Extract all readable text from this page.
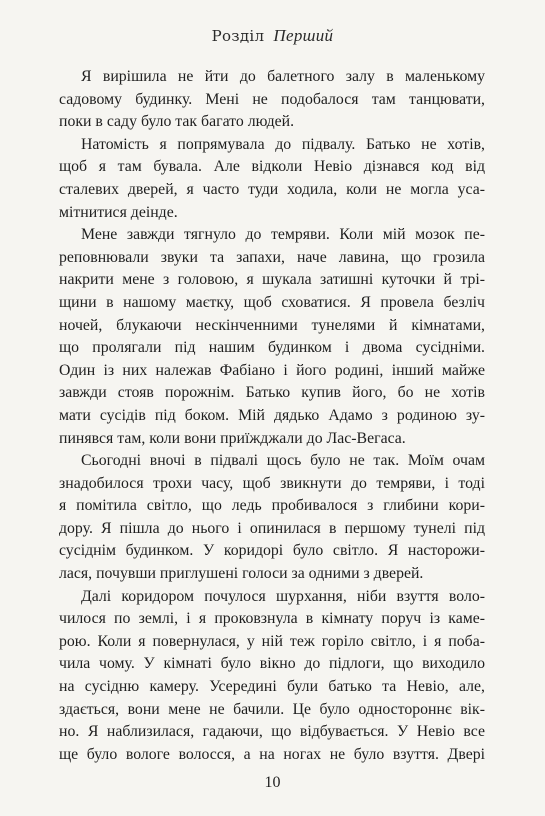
Розділ Перший
Я вирішила не йти до балетного залу в маленькому
садовому будинку. Мені не подобалося там танцювати,
поки в саду було так багато людей.
Натомість я попрямувала до підвалу. Батько не хотів,
щоб я там бувала. Але відколи Невіо дізнався код від
сталевих дверей, я часто туди ходила, коли не могла уса-
мітнитися деінде.
Мене завжди тягнуло до темряви. Коли мій мозок пе-
реповнювали звуки та запахи, наче лавина, що грозила
накрити мене з головою, я шукала затишні куточки й трі-
щини в нашому маєтку, щоб сховатися. Я провела безліч
ночей, блукаючи нескінченними тунелями й кімнатами,
що пролягали під нашим будинком і двома сусідніми.
Один із них належав Фабіано і його родині, інший майже
завжди стояв порожнім. Батько купив його, бо не хотів
мати сусідів під боком. Мій дядько Адамо з родиною зу-
пинявся там, коли вони приїжджали до Лас-Вегаса.
Сьогодні вночі в підвалі щось було не так. Моїм очам
знадобилося трохи часу, щоб звикнути до темряви, і тоді
я помітила світло, що ледь пробивалося з глибини кори-
дору. Я пішла до нього і опинилася в першому тунелі під
сусіднім будинком. У коридорі було світло. Я насторожи-
лася, почувши приглушені голоси за одними з дверей.
Далі коридором почулося шурхання, ніби взуття воло-
чилося по землі, і я проковзнула в кімнату поруч із каме-
рою. Коли я повернулася, у ній теж горіло світло, і я поба-
чила чому. У кімнаті було вікно до підлоги, що виходило
на сусідню камеру. Усередині були батько та Невіо, але,
здається, вони мене не бачили. Це було одностороннє вік-
но. Я наблизилася, гадаючи, що відбувається. У Невіо все
ще було вологе волосся, а на ногах не було взуття. Двері
10
